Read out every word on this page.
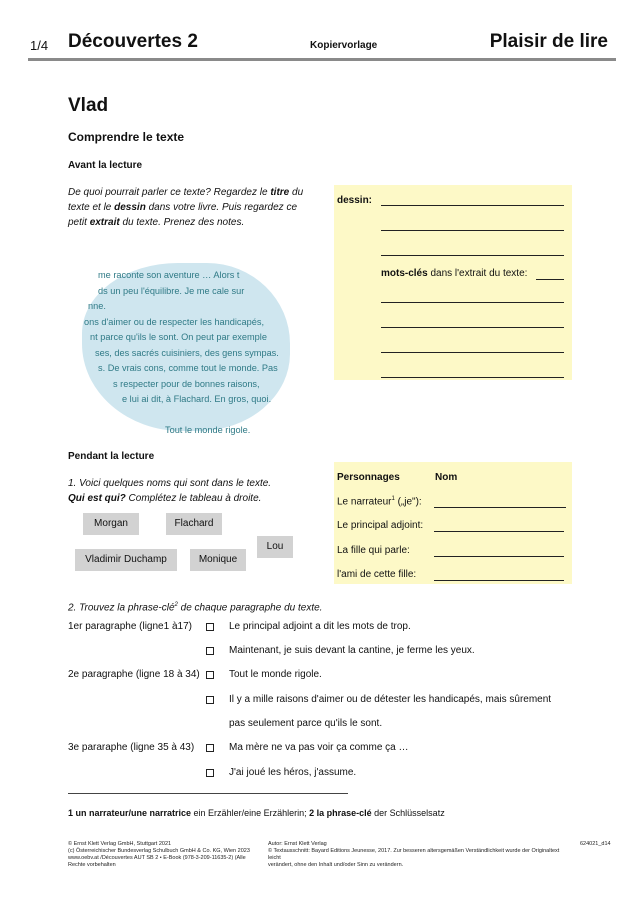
1/4 Découvertes 2	Kopiervorlage	Plaisir de lire
Vlad
Comprendre le texte
Avant la lecture
De quoi pourrait parler ce texte? Regardez le titre du texte et le dessin dans votre livre. Puis regardez ce petit extrait du texte. Prenez des notes.
me raconte son aventure … Alors t
ds un peu l'équilibre. Je me cale sur
nne.
ons d'aimer ou de respecter les handicapés,
nt parce qu'ils le sont. On peut par exemple
ses, des sacrés cuisiniers, des gens sympas.
s. De vrais cons, comme tout le monde. Pas
s respecter pour de bonnes raisons,
e lui ai dit, à Flachard. En gros, quoi.
Tout le monde rigole.
dessin:
mots-clés dans l'extrait du texte:
Pendant la lecture
1. Voici quelques noms qui sont dans le texte.
Qui est qui? Complétez le tableau à droite.
Morgan	Flachard
Lou
Vladimir Duchamp	Monique
Personnages	Nom
Le narrateur$^1$ („je"):
Le principal adjoint:
La fille qui parle:
l'ami de cette fille:
2. Trouvez la phrase-clé$^2$ de chaque paragraphe du texte.
1er paragraphe (ligne1 à17)	Le principal adjoint a dit les mots de trop.
Maintenant, je suis devant la cantine, je ferme les yeux.
2e paragraphe (ligne 18 à 34)	Tout le monde rigole.
Il y a mille raisons d'aimer ou de détester les handicapés, mais sûrement
pas seulement parce qu'ils le sont.
3e pararaphe (ligne 35 à 43)	Ma mère ne va pas voir ça comme ça …
J'ai joué les héros, j'assume.
1 un narrateur/une narratrice ein Erzähler/eine Erzählerin; 2 la phrase-clé der Schlüsselsatz
© Ernst Klett Verlag GmbH, Stuttgart 2021
(c) Österreichischer Bundesverlag Schulbuch GmbH & Co. KG, Wien 2023
www.oebv.at /Découvertes AUT SB 2 • E-Book (978-3-209-11635-2) (Alle
Rechte vorbehalten
Autor: Ernst Klett Verlag
© Textausschnitt: Bayard Editions Jeunesse, 2017. Zur besseren altersgemäßen Verständlichkeit wurde der Originaltext leicht
verändert, ohne den Inhalt und/oder Sinn zu verändern.
624021_d14
